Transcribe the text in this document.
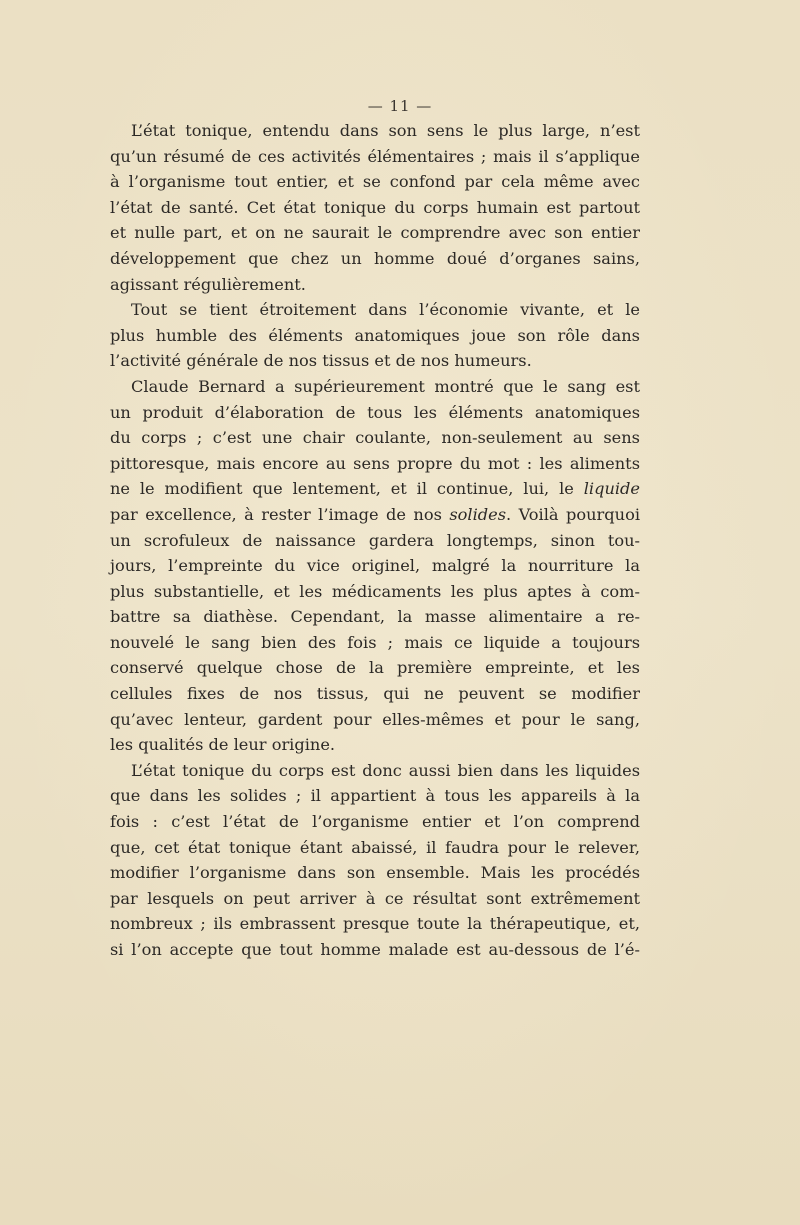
— 11 —

L’état tonique, entendu dans son sens le plus large, n’est
qu’un résumé de ces activités élémentaires ; mais il s’applique
à l’organisme tout entier, et se confond par cela même avec
l’état de santé. Cet état tonique du corps humain est partout
et nulle part, et on ne saurait le comprendre avec son entier
développement que chez un homme doué d’organes sains,
agissant régulièrement.

Tout se tient étroitement dans l’économie vivante, et le
plus humble des éléments anatomiques joue son rôle dans
l’activité générale de nos tissus et de nos humeurs.

Claude Bernard a supérieurement montré que le sang est
un produit d’élaboration de tous les éléments anatomiques
du corps ; c’est une chair coulante, non-seulement au sens
pittoresque, mais encore au sens propre du mot : les aliments
ne le modifient que lentement, et il continue, lui, le liquide
par excellence, à rester l’image de nos solides. Voilà pourquoi
un scrofuleux de naissance gardera longtemps, sinon tou-
jours, l’empreinte du vice originel, malgré la nourriture la
plus substantielle, et les médicaments les plus aptes à com-
battre sa diathèse. Cependant, la masse alimentaire a re-
nouvelé le sang bien des fois ; mais ce liquide a toujours
conservé quelque chose de la première empreinte, et les
cellules fixes de nos tissus, qui ne peuvent se modifier
qu’avec lenteur, gardent pour elles-mêmes et pour le sang,
les qualités de leur origine.

L’état tonique du corps est donc aussi bien dans les liquides
que dans les solides ; il appartient à tous les appareils à la
fois : c’est l’état de l’organisme entier et l’on comprend
que, cet état tonique étant abaissé, il faudra pour le relever,
modifier l’organisme dans son ensemble. Mais les procédés
par lesquels on peut arriver à ce résultat sont extrêmement
nombreux ; ils embrassent presque toute la thérapeutique, et,
si l’on accepte que tout homme malade est au-dessous de l’é-
